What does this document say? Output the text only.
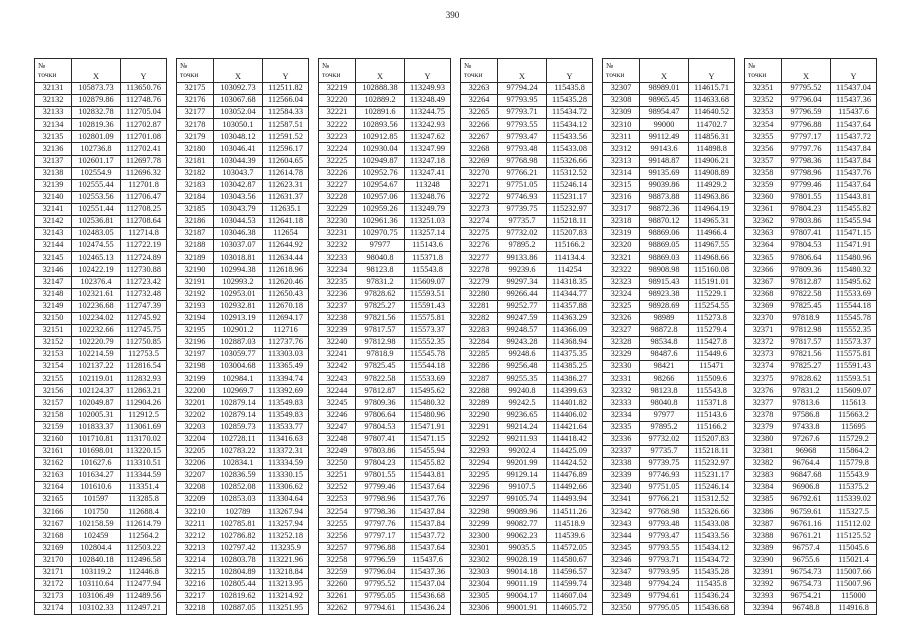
390
№
точки	X	Y
32131	105873.73	113650.76
32132	102879.86	112748.76
32133	102832.78	112705.04
32134	102819.36	112702.87
32135	102801.09	112701.08
32136	102736.8	112702.41
32137	102601.17	112697.78
32138	102554.9	112696.32
32139	102555.44	112701.8
32140	102553.56	112706.47
32141	102551.44	112708.25
32142	102536.81	112708.64
32143	102483.05	112714.8
32144	102474.55	112722.19
32145	102465.13	112724.89
32146	102422.19	112730.88
32147	102376.4	112723.42
32148	102321.61	112732.48
32149	102236.68	112747.39
32150	102234.02	112745.92
32151	102232.66	112745.75
32152	102220.79	112750.85
32153	102214.59	112753.5
32154	102137.22	112816.54
32155	102119.01	112832.93
32156	102124.37	112863.21
32157	102049.87	112904.26
32158	102005.31	112912.5
32159	101833.37	113061.69
32160	101710.81	113170.02
32161	101698.01	113220.15
32162	101627.6	113310.51
32163	101634.27	113344.59
32164	101610.6	113351.4
32165	101597	113285.8
32166	101750	112688.4
32167	102158.59	112614.79
32168	102459	112564.2
32169	102804.4	112503.22
32170	102840.18	112496.58
32171	103119.2	112446.8
32172	103110.64	112477.94
32173	103106.49	112489.56
32174	103102.33	112497.21
№
точки	X	Y
32175	103092.73	112511.82
32176	103067.68	112566.04
32177	103052.04	112584.33
32178	103050.1	112587.51
32179	103048.12	112591.52
32180	103046.41	112596.17
32181	103044.39	112604.65
32182	103043.7	112614.78
32183	103042.87	112623.31
32184	103043.56	112631.37
32185	103043.79	112635.1
32186	103044.53	112641.18
32187	103046.38	112654
32188	103037.07	112644.92
32189	103018.81	112634.44
32190	102994.38	112618.96
32191	102993.2	112620.46
32192	102953.01	112650.43
32193	102932.81	112670.18
32194	102913.19	112694.17
32195	102901.2	112716
32196	102887.03	112737.76
32197	103059.77	113303.03
32198	103004.68	113365.49
32199	102984.1	113394.74
32200	102969.7	113392.69
32201	102879.14	113549.83
32202	102879.14	113549.83
32203	102859.73	113533.77
32204	102728.11	113416.63
32205	102783.22	113372.31
32206	102834.1	113334.59
32207	102836.59	113330.15
32208	102852.08	113306.62
32209	102853.03	113304.64
32210	102789	113267.94
32211	102785.81	113257.94
32212	102786.82	113252.18
32213	102797.42	113235.9
32214	102803.78	113221.96
32215	102804.89	113218.84
32216	102805.44	113213.95
32217	102819.62	113214.92
32218	102887.05	113251.95
№
точки	X	Y
32219	102888.38	113249.93
32220	102889.2	113248.49
32221	102891.6	113244.75
32222	102893.56	113242.93
32223	102912.85	113247.62
32224	102930.04	113247.99
32225	102949.87	113247.18
32226	102952.76	113247.41
32227	102954.67	113248
32228	102957.06	113248.76
32229	102959.26	113249.79
32230	102961.36	113251.03
32231	102970.75	113257.14
32232	97977	115143.6
32233	98040.8	115371.8
32234	98123.8	115543.8
32235	97831.2	115609.07
32236	97828.62	115593.51
32237	97825.27	115591.43
32238	97821.56	115575.81
32239	97817.57	115573.37
32240	97812.98	115552.35
32241	97818.9	115545.78
32242	97825.45	115544.18
32243	97822.58	115533.69
32244	97812.87	115495.62
32245	97809.36	115480.32
32246	97806.64	115480.96
32247	97804.53	115471.91
32248	97807.41	115471.15
32249	97803.86	115455.94
32250	97804.23	115455.82
32251	97801.55	115443.81
32252	97799.46	115437.64
32253	97798.96	115437.76
32254	97798.36	115437.84
32255	97797.76	115437.84
32256	97797.17	115437.72
32257	97796.88	115437.64
32258	97796.59	115437.6
32259	97796.04	115437.36
32260	97795.52	115437.04
32261	97795.05	115436.68
32262	97794.61	115436.24
№
точки	X	Y
32263	97794.24	115435.8
32264	97793.95	115435.28
32265	97793.71	115434.72
32266	97793.55	115434.12
32267	97793.47	115433.56
32268	97793.48	115433.08
32269	97768.98	115326.66
32270	97766.21	115312.52
32271	97751.05	115246.14
32272	97746.93	115231.17
32273	97739.75	115232.97
32274	97735.7	115218.11
32275	97732.02	115207.83
32276	97895.2	115166.2
32277	99133.86	114134.4
32278	99239.6	114254
32279	99297.34	114318.35
32280	99266.44	114344.77
32281	99252.77	114357.88
32282	99247.59	114363.29
32283	99248.57	114366.09
32284	99243.28	114368.94
32285	99248.6	114375.35
32286	99256.48	114385.25
32287	99255.35	114386.27
32288	99240.8	114399.63
32289	99242.5	114401.82
32290	99236.65	114406.02
32291	99214.24	114421.64
32292	99211.93	114418.42
32293	99202.4	114425.09
32294	99201.99	114424.52
32295	99129.14	114476.89
32296	99107.5	114492.66
32297	99105.74	114493.94
32298	99089.96	114511.26
32299	99082.77	114518.9
32300	99062.23	114539.6
32301	99035.5	114572.05
32302	99028.19	114580.67
32303	99014.18	114596.57
32304	99011.19	114599.74
32305	99004.17	114607.04
32306	99001.91	114605.72
№
точки	X	Y
32307	98989.01	114615.71
32308	98965.45	114633.68
32309	98954.47	114640.52
32310	99000	114702.7
32311	99112.49	114856.31
32312	99143.6	114898.8
32313	99148.87	114906.21
32314	99135.69	114908.89
32315	99039.86	114929.2
32316	98873.88	114963.86
32317	98872.36	114964.19
32318	98870.12	114965.31
32319	98869.06	114966.4
32320	98869.05	114967.55
32321	98869.03	114968.66
32322	98908.98	115160.08
32323	98915.43	115191.01
32324	98923.38	115229.1
32325	98928.69	115254.55
32326	98989	115273.8
32327	98872.8	115279.4
32328	98534.8	115427.8
32329	98487.6	115449.6
32330	98421	115471
32331	98266	115509.6
32332	98123.8	115543.8
32333	98040.8	115371.8
32334	97977	115143.6
32335	97895.2	115166.2
32336	97732.02	115207.83
32337	97735.7	115218.11
32338	97739.75	115232.97
32339	97746.93	115231.17
32340	97751.05	115246.14
32341	97766.21	115312.52
32342	97768.98	115326.66
32343	97793.48	115433.08
32344	97793.47	115433.56
32345	97793.55	115434.12
32346	97793.71	115434.72
32347	97793.95	115435.28
32348	97794.24	115435.8
32349	97794.61	115436.24
32350	97795.05	115436.68
№
точки	X	Y
32351	97795.52	115437.04
32352	97796.04	115437.36
32353	97796.59	115437.6
32354	97796.88	115437.64
32355	97797.17	115437.72
32356	97797.76	115437.84
32357	97798.36	115437.84
32358	97798.96	115437.76
32359	97799.46	115437.64
32360	97801.55	115443.81
32361	97804.23	115455.82
32362	97803.86	115455.94
32363	97807.41	115471.15
32364	97804.53	115471.91
32365	97806.64	115480.96
32366	97809.36	115480.32
32367	97812.87	115495.62
32368	97822.58	115533.69
32369	97825.45	115544.18
32370	97818.9	115545.78
32371	97812.98	115552.35
32372	97817.57	115573.37
32373	97821.56	115575.81
32374	97825.27	115591.43
32375	97828.62	115593.51
32376	97831.2	115609.07
32377	97813.6	115613
32378	97586.8	115663.2
32379	97433.8	115695
32380	97267.6	115729.2
32381	96968	115864.2
32382	96764.4	115779.8
32383	96847.68	115543.9
32384	96906.8	115375.2
32385	96792.61	115339.02
32386	96759.61	115327.5
32387	96761.16	115112.02
32388	96761.21	115125.52
32389	96757.4	115045.6
32390	96755.6	115021.4
32391	96754.73	115007.66
32392	96754.73	115007.96
32393	96754.21	115000
32394	96748.8	114916.8
